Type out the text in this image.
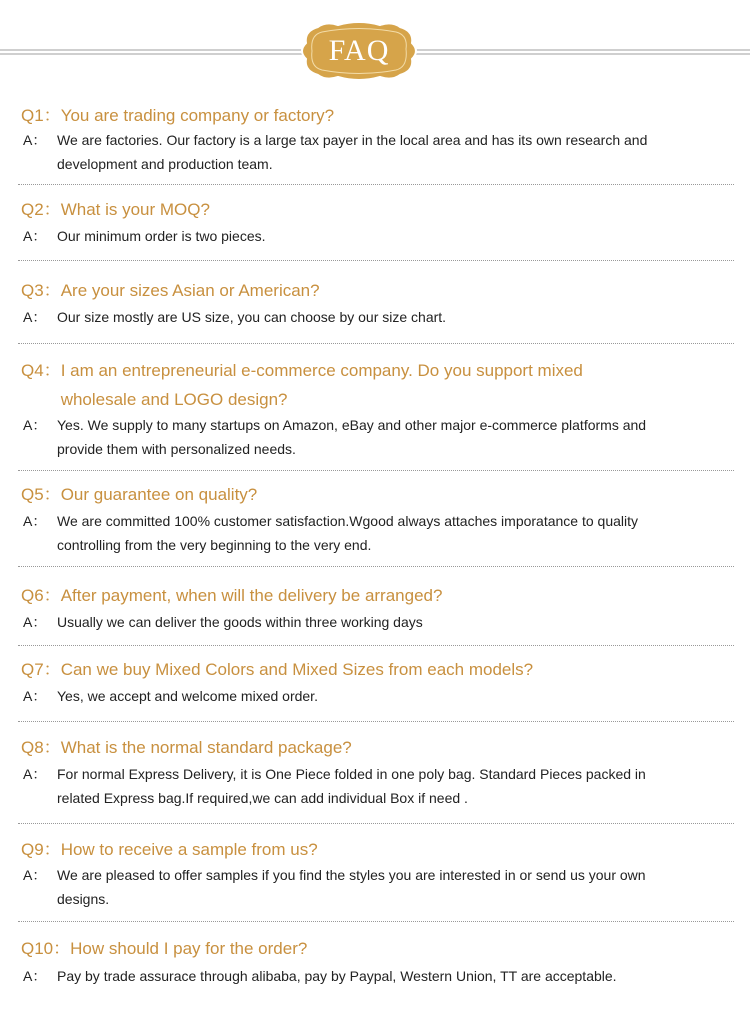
FAQ
Q1：You are trading company or factory?
A： We are factories. Our factory is a large tax payer in the local area and has its own research and development and production team.
Q2：What is your MOQ?
A： Our minimum order is two pieces.
Q3：Are your sizes Asian or American?
A： Our size mostly are US size, you can choose by our size chart.
Q4：I am an entrepreneurial e-commerce company. Do you support mixed wholesale and LOGO design?
A： Yes. We supply to many startups on Amazon, eBay and other major e-commerce platforms and provide them with personalized needs.
Q5：Our guarantee on quality?
A： We are committed 100% customer satisfaction.Wgood always attaches imporatance to quality controlling from the very beginning to the very end.
Q6：After payment, when will the delivery be arranged?
A： Usually we can deliver the goods within three working days
Q7：Can we buy Mixed Colors and Mixed Sizes from each models?
A： Yes, we accept and welcome mixed order.
Q8：What is the normal standard package?
A： For normal Express Delivery, it is One Piece folded in one poly bag. Standard Pieces packed in related Express bag.If required,we can add individual Box if need .
Q9：How to receive a sample from us?
A： We are pleased to offer samples if you find the styles you are interested in or send us your own designs.
Q10：How should I pay for the order?
A： Pay by trade assurace through alibaba, pay by Paypal, Western Union, TT are acceptable.
